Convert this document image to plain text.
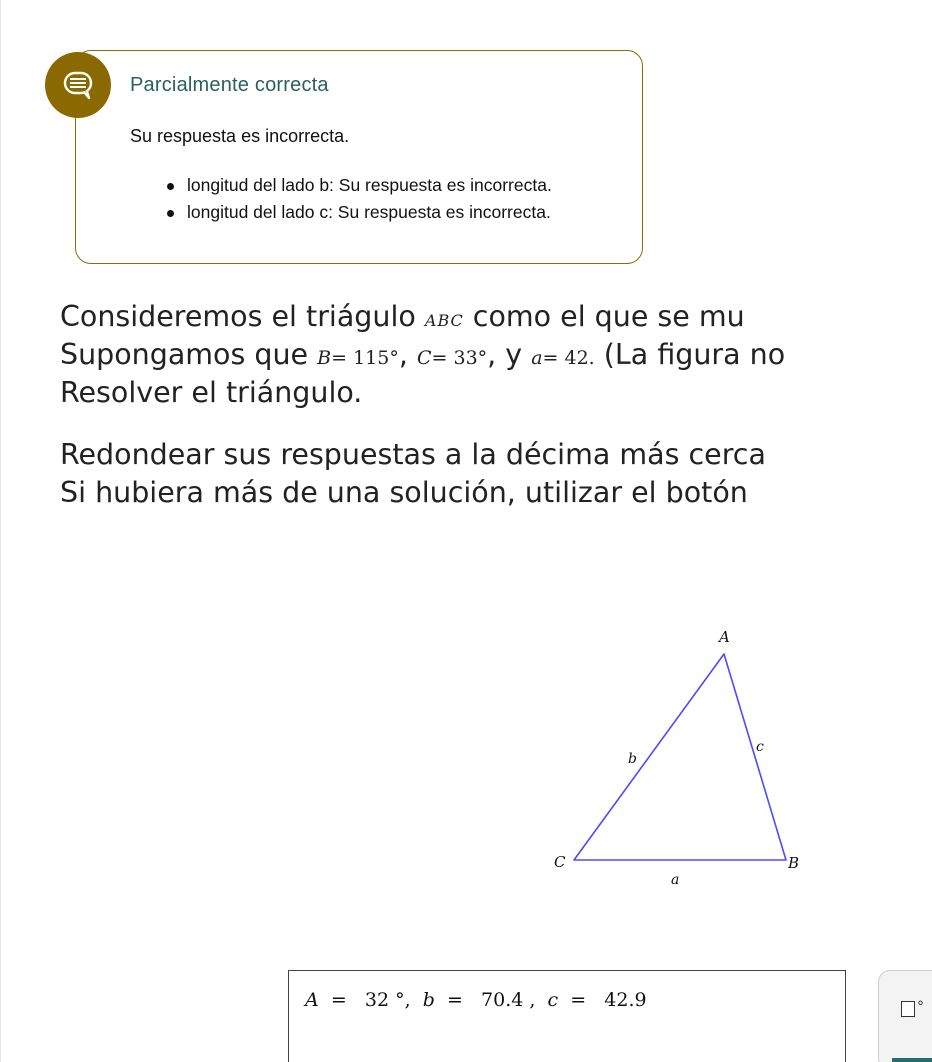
Parcialmente correcta
Su respuesta es incorrecta.
longitud del lado b: Su respuesta es incorrecta.
longitud del lado c: Su respuesta es incorrecta.
Consideremos el triágulo ABC como el que se mu
Supongamos que B= 115°, C= 33°, y a= 42. (La figura no
Resolver el triángulo.
Redondear sus respuestas a la décima más cerca
Si hubiera más de una solución, utilizar el botón
A
B
C
a
b
c
A  =   32 °,  b  =   70.4 ,  c  =   42.9	°
